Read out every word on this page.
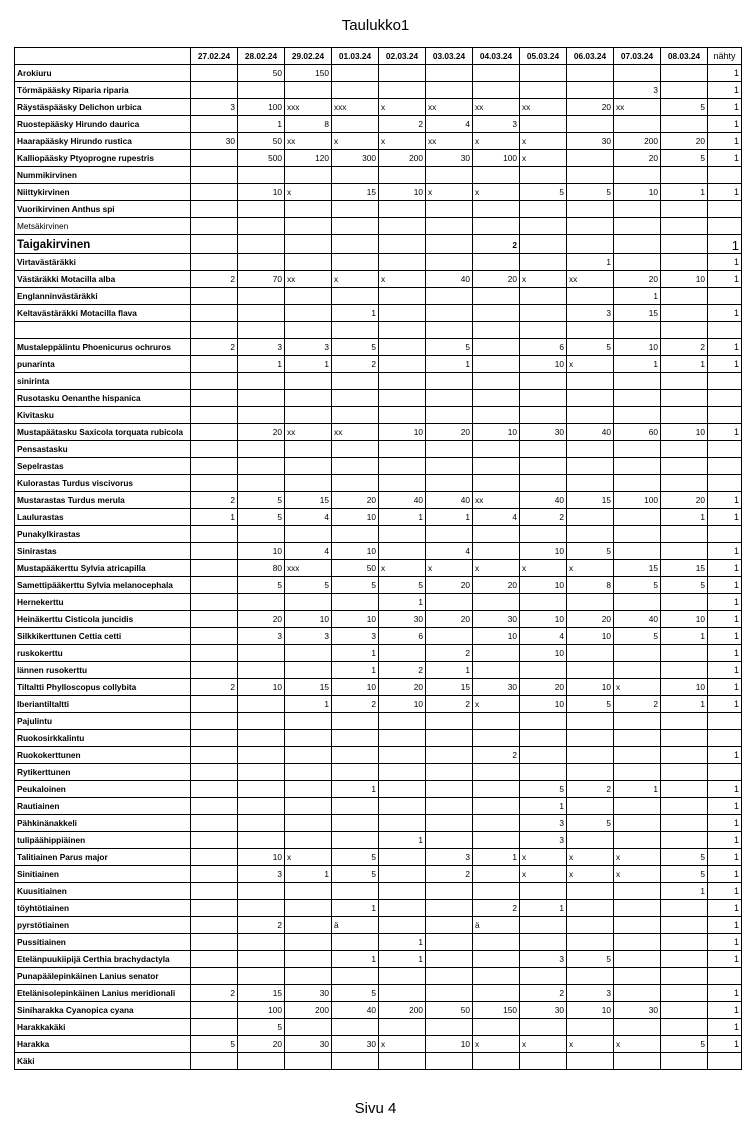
Taulukko1
	27.02.24	28.02.24	29.02.24	01.03.24	02.03.24	03.03.24	04.03.24	05.03.24	06.03.24	07.03.24	08.03.24	nähty
Arokiuru		50	150									1
Törmäpääsky Riparia riparia										3		1
Räystäspääsky Delichon urbica	3	100	xxx	xxx	x	xx	xx	xx	20	xx	5	1
Ruostepääsky Hirundo daurica		1	8		2	4	3					1
Haarapääsky Hirundo rustica	30	50	xx	x	x	xx	x	x	30	200	20	1
Kalliopääsky Ptyoprogne rupestris		500	120	300	200	30	100	x		20	5	1
Nummikirvinen												
Niittykirvinen		10	x	15	10	x	x	5	5	10	1	1
Vuorikirvinen Anthus spi												
Metsäkirvinen												
Taigakirvinen							2					1
Virtavästäräkki									1			1
Västäräkki Motacilla alba	2	70	xx	x	x	40	20	x	xx	20	10	1
Englanninvästäräkki										1		
Keltavästäräkki Motacilla flava				1					3	15		1

Mustaleppälintu Phoenicurus ochruros	2	3	3	5		5		6	5	10	2	1
punarinta		1	1	2		1		10	x	1	1	1
sinirinta												
Rusotasku Oenanthe hispanica												
Kivitasku												
Mustapäätasku Saxicola torquata rubicola		20	xx	xx	10	20	10	30	40	60	10	1
Pensastasku												
Sepelrastas												
Kulorastas Turdus viscivorus												
Mustarastas Turdus merula	2	5	15	20	40	40	xx	40	15	100	20	1
Laulurastas	1	5	4	10	1	1	4	2			1	1
Punakylkirastas												
Sinirastas		10	4	10		4		10	5			1
Mustapääkerttu Sylvia atricapilla		80	xxx	50	x	x	x	x	x	15	15	1
Samettipääkerttu Sylvia melanocephala		5	5	5	5	20	20	10	8	5	5	1
Hernekerttu					1							1
Heinäkerttu Cisticola juncidis		20	10	10	30	20	30	10	20	40	10	1
Silkkikerttunen Cettia cetti		3	3	3	6		10	4	10	5	1	1
ruskokerttu				1		2		10				1
lännen rusokerttu				1	2	1						1
Tiltaltti Phylloscopus collybita	2	10	15	10	20	15	30	20	10	x	10	1
Iberiantiltaltti			1	2	10	2	x	10	5	2	1	1
Pajulintu												
Ruokosirkkalintu												
Ruokokerttunen							2					1
Rytikerttunen												
Peukaloinen				1				5	2	1		1
Rautiainen								1				1
Pähkinänakkeli								3	5			1
tulipäähippiäinen					1			3				1
Talitiainen Parus major		10	x	5		3	1	x	x	x	5	1
Sinitiainen		3	1	5		2		x	x	x	5	1
Kuusitiainen											1	1
töyhtötiainen				1			2	1				1
pyrstötiainen		2		ä			ä					1
Pussitiainen					1							1
Etelänpuukiipijä Certhia brachydactyla				1	1			3	5			1
Punapäälepinkäinen Lanius senator												
Etelänisolepinkäinen Lanius meridionali	2	15	30	5				2	3			1
Siniharakka Cyanopica cyana		100	200	40	200	50	150	30	10	30		1
Harakkakäki		5										1
Harakka	5	20	30	30	x	10	x	x	x	x	5	1
Käki												
Sivu 4
